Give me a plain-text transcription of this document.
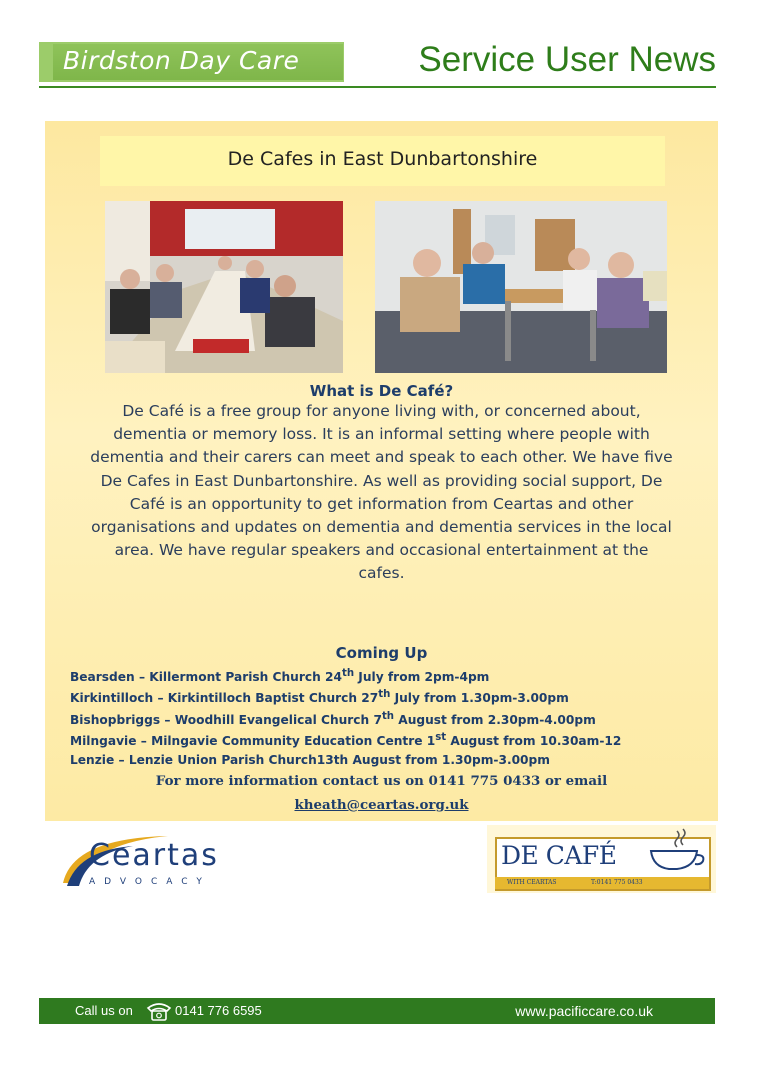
Birdston Day Care	Service User News
De Cafes in East Dunbartonshire
What is De Café?

De Café is a free group for anyone living with, or concerned about, dementia or memory loss. It is an informal setting where people with dementia and their carers can meet and speak to each other. We have five De Cafes in East Dunbartonshire. As well as providing social support, De Café is an opportunity to get information from Ceartas and other organisations and updates on dementia and dementia services in the local area. We have regular speakers and occasional entertainment at the cafes.

Coming Up
Bearsden – Killermont Parish Church 24th July from 2pm-4pm
Kirkintilloch – Kirkintilloch Baptist Church 27th July from 1.30pm-3.00pm
Bishopbriggs – Woodhill Evangelical Church 7th August from 2.30pm-4.00pm
Milngavie – Milngavie Community Education Centre 1st August from 10.30am-12
Lenzie – Lenzie Union Parish Church13th August from 1.30pm-3.00pm
For more information contact us on 0141 775 0433 or email
kheath@ceartas.org.uk
Ceartas
ADVOCACY
DE CAFÉ
WITH CEARTAS	T:0141 775 0433
Call us on	0141 776 6595	www.pacificcare.co.uk
